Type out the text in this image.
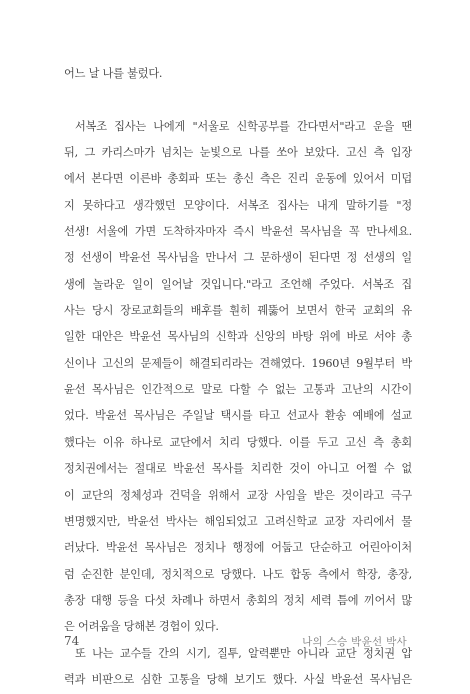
어느 날 나를 불렀다.
서복조 집사는 나에게 "서울로 신학공부를 간다면서"라고 운을 땐
뒤, 그 카리스마가 넘치는 눈빛으로 나를 쏘아 보았다. 고신 측 입장
에서 본다면 이른바 총회파 또는 총신 측은 진리 운동에 있어서 미덥
지 못하다고 생각했던 모양이다. 서복조 집사는 내게 말하기를 "정
선생! 서울에 가면 도착하자마자 즉시 박윤선 목사님을 꼭 만나세요.
정 선생이 박윤선 목사님을 만나서 그 문하생이 된다면 정 선생의 일
생에 놀라운 일이 일어날 것입니다."라고 조언해 주었다. 서복조 집
사는 당시 장로교회들의 배후를 훤히 꿰뚫어 보면서 한국 교회의 유
일한 대안은 박윤선 목사님의 신학과 신앙의 바탕 위에 바로 서야 총
신이나 고신의 문제들이 해결되리라는 견해였다. 1960년 9월부터 박
윤선 목사님은 인간적으로 말로 다할 수 없는 고통과 고난의 시간이
었다. 박윤선 목사님은 주일날 택시를 타고 선교사 환송 예배에 설교
했다는 이유 하나로 교단에서 치리 당했다. 이를 두고 고신 측 총회
정치권에서는 절대로 박윤선 목사를 치리한 것이 아니고 어쩔 수 없
이 교단의 정체성과 건덕을 위해서 교장 사임을 받은 것이라고 극구
변명했지만, 박윤선 박사는 해임되었고 고려신학교 교장 자리에서 물
러났다. 박윤선 목사님은 정치나 행정에 어둡고 단순하고 어린아이처
럼 순진한 분인데, 정치적으로 당했다. 나도 합동 측에서 학장, 총장,
총장 대행 등을 다섯 차례나 하면서 총회의 정치 세력 틈에 끼어서 많
은 어려움을 당해본 경험이 있다.
또 나는 교수들 간의 시기, 질투, 알력뿐만 아니라 교단 정치권 압
력과 비판으로 심한 고통을 당해 보기도 했다. 사실 박윤선 목사님은
74	나의 스승 박윤선 박사
